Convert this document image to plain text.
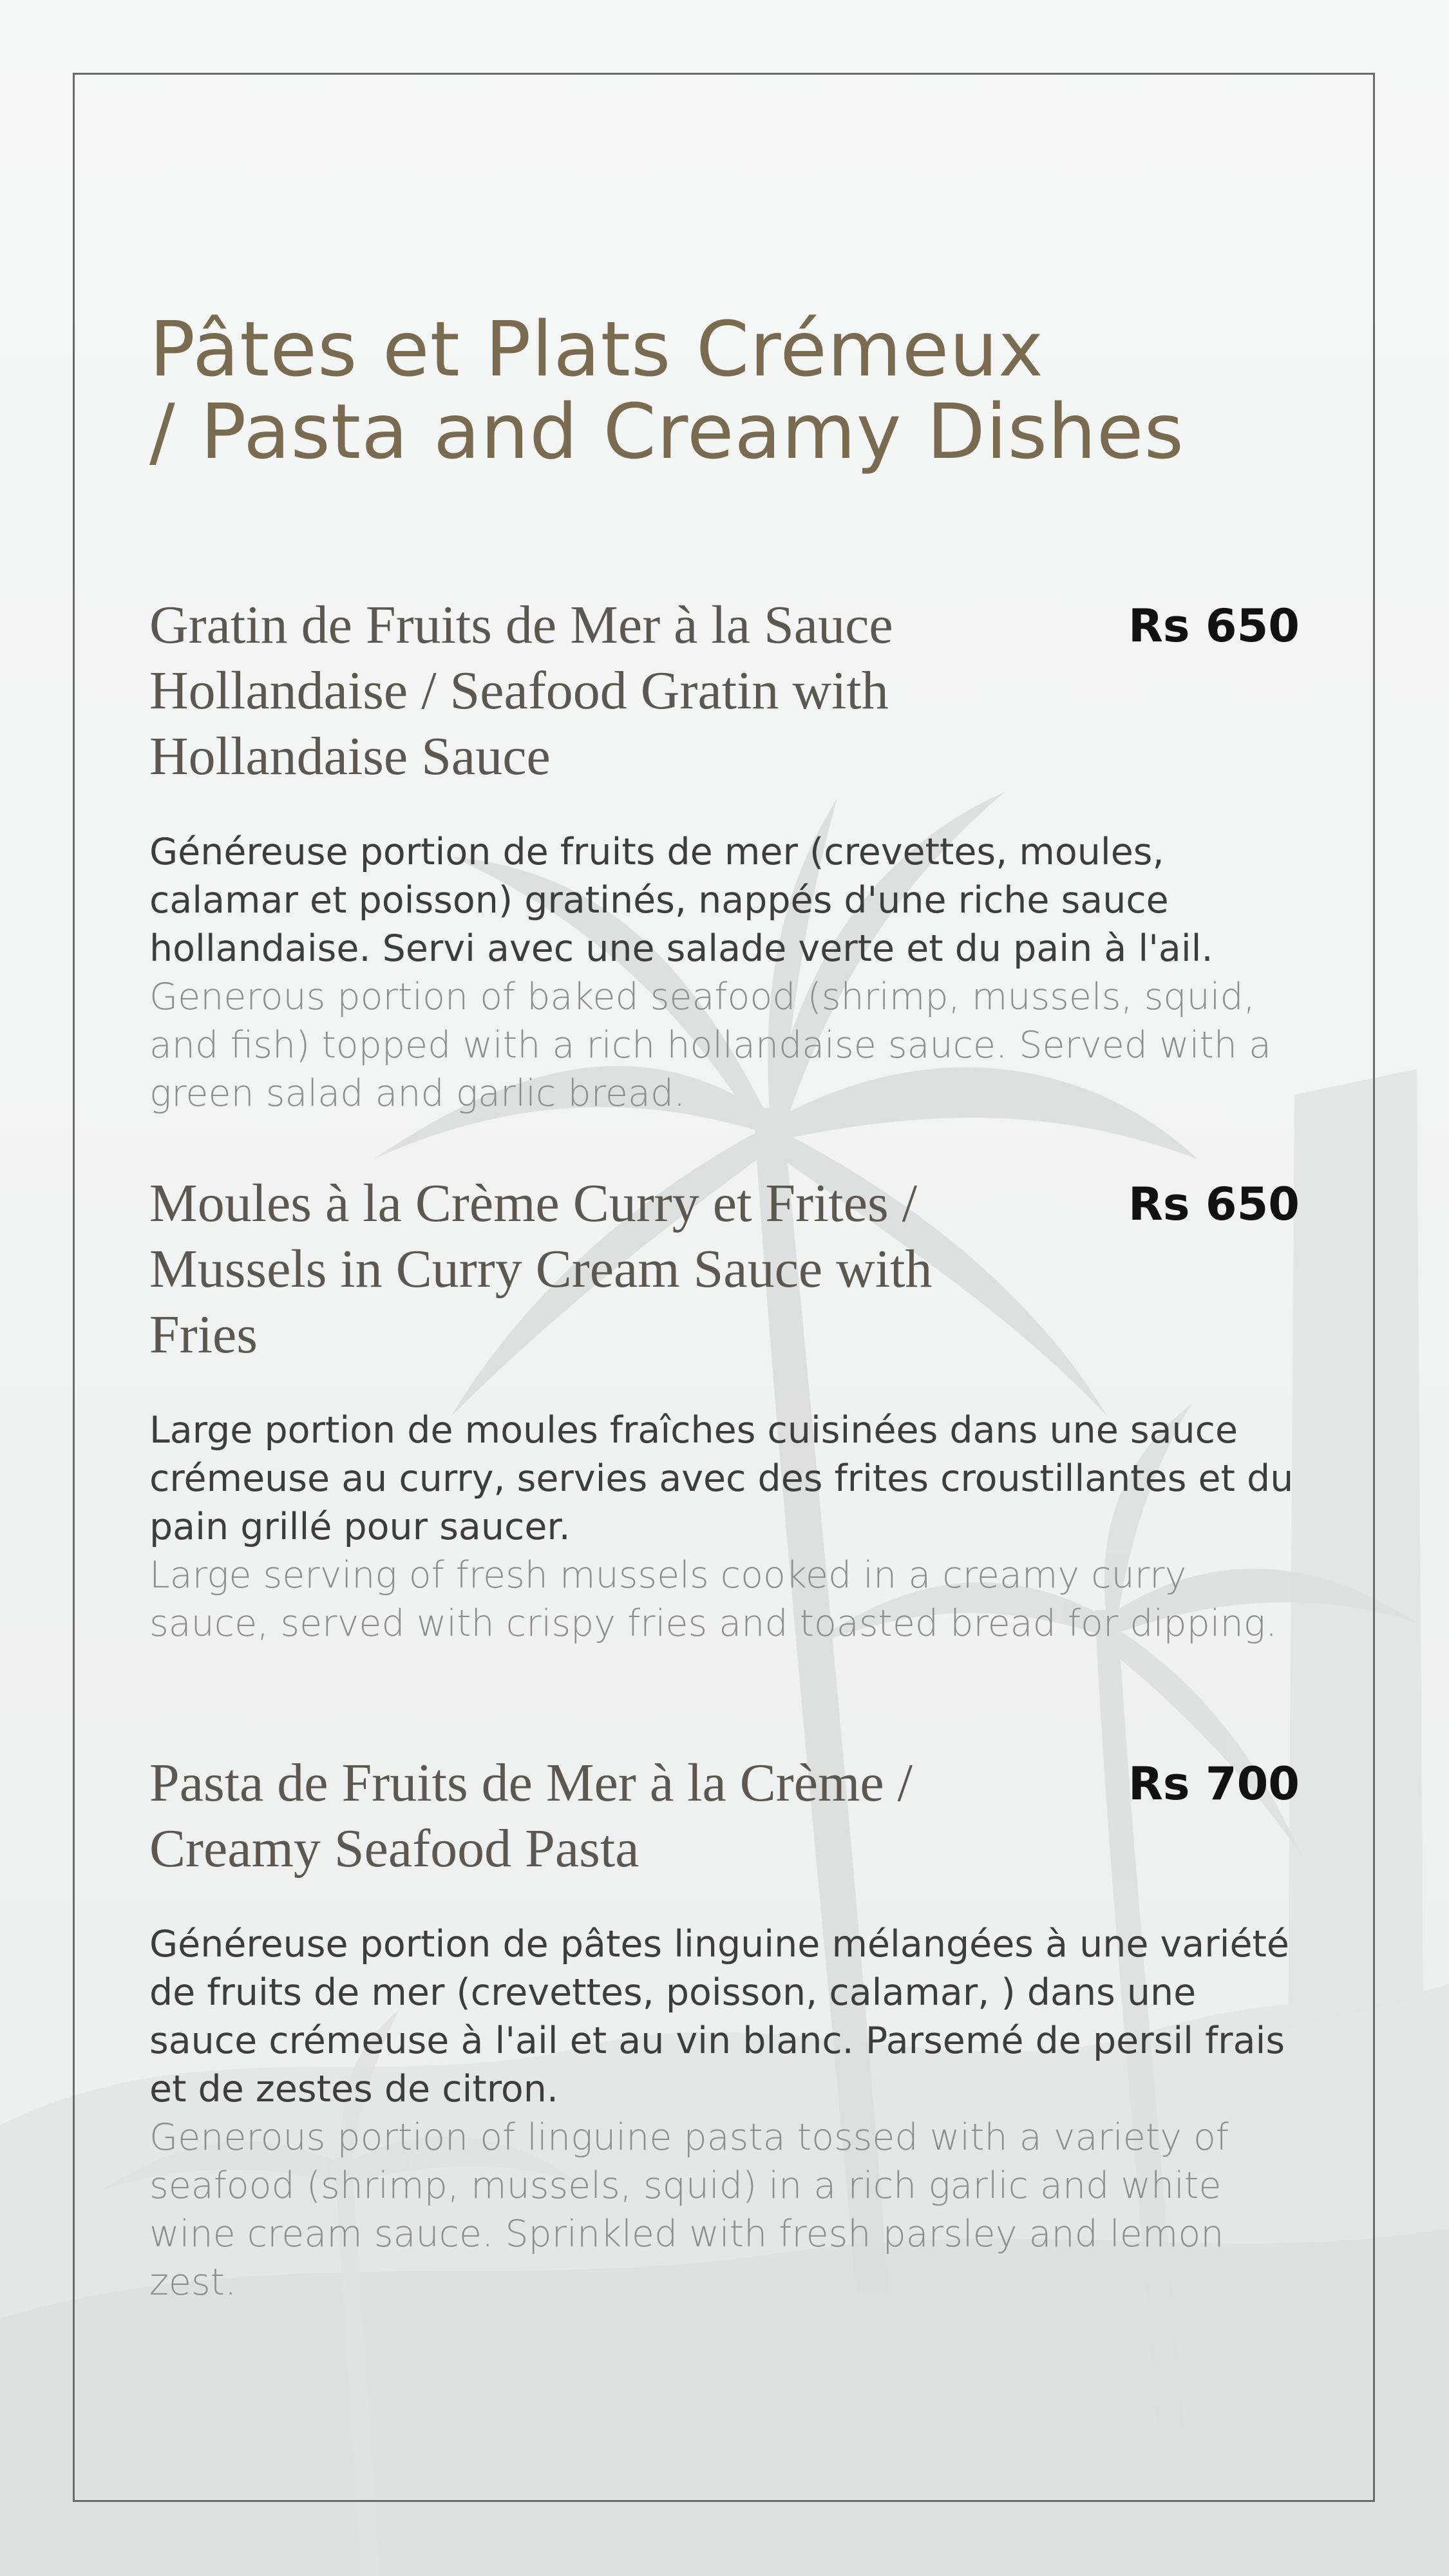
Pâtes et Plats Crémeux
/ Pasta and Creamy Dishes
Gratin de Fruits de Mer à la Sauce Hollandaise / Seafood Gratin with Hollandaise Sauce
Rs 650

Généreuse portion de fruits de mer (crevettes, moules, calamar et poisson) gratinés, nappés d'une riche sauce hollandaise. Servi avec une salade verte et du pain à l'ail.

Generous portion of baked seafood (shrimp, mussels, squid, and fish) topped with a rich hollandaise sauce. Served with a green salad and garlic bread.

Moules à la Crème Curry et Frites / Mussels in Curry Cream Sauce with Fries
Rs 650

Large portion de moules fraîches cuisinées dans une sauce crémeuse au curry, servies avec des frites croustillantes et du pain grillé pour saucer.

Large serving of fresh mussels cooked in a creamy curry sauce, served with crispy fries and toasted bread for dipping.

Pasta de Fruits de Mer à la Crème / Creamy Seafood Pasta
Rs 700

Généreuse portion de pâtes linguine mélangées à une variété de fruits de mer (crevettes, poisson, calamar, ) dans une sauce crémeuse à l'ail et au vin blanc. Parsemé de persil frais et de zestes de citron.

Generous portion of linguine pasta tossed with a variety of seafood (shrimp, mussels, squid) in a rich garlic and white wine cream sauce. Sprinkled with fresh parsley and lemon zest.
